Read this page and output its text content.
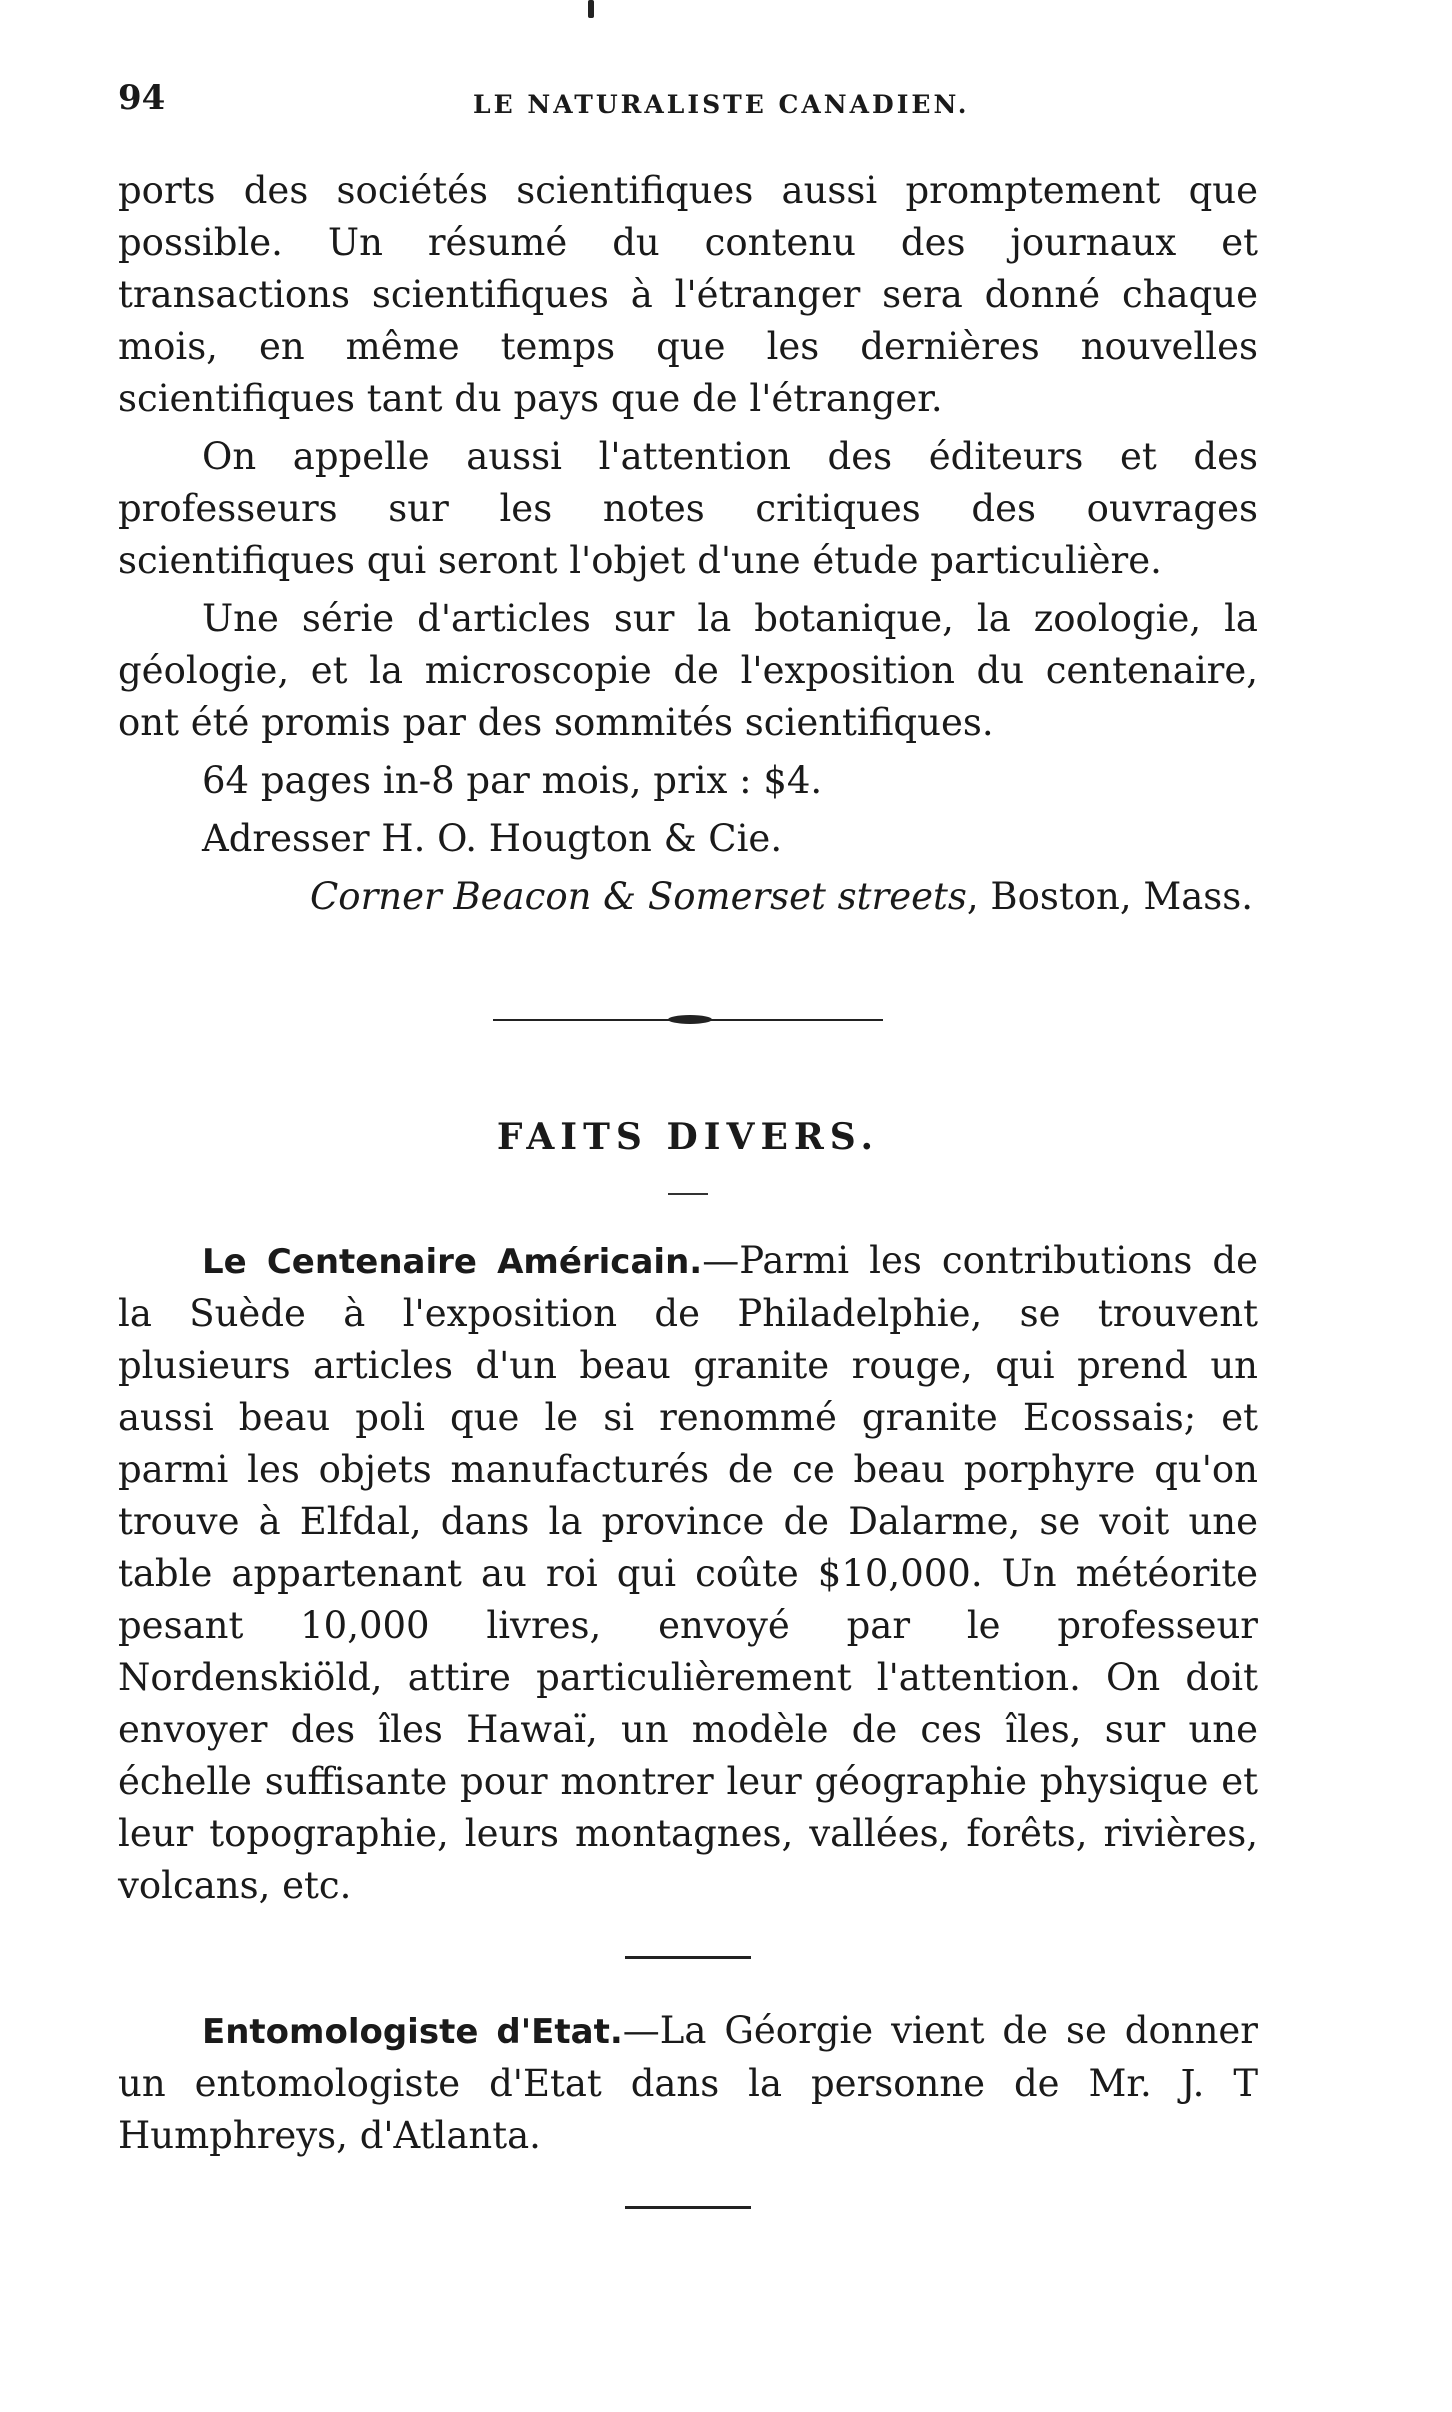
94	LE NATURALISTE CANADIEN.

ports des sociétés scientifiques aussi promptement que possible. Un résumé du contenu des journaux et transactions scientifiques à l'étranger sera donné chaque mois, en même temps que les dernières nouvelles scientifiques tant du pays que de l'étranger.

On appelle aussi l'attention des éditeurs et des professeurs sur les notes critiques des ouvrages scientifiques qui seront l'objet d'une étude particulière.

Une série d'articles sur la botanique, la zoologie, la géologie, et la microscopie de l'exposition du centenaire, ont été promis par des sommités scientifiques.

64 pages in-8 par mois, prix : $4.
Adresser H. O. Hougton & Cie.
Corner Beacon & Somerset streets, Boston, Mass.
FAITS DIVERS.

Le Centenaire Américain.—Parmi les contributions de la Suède à l'exposition de Philadelphie, se trouvent plusieurs articles d'un beau granite rouge, qui prend un aussi beau poli que le si renommé granite Ecossais; et parmi les objets manufacturés de ce beau porphyre qu'on trouve à Elfdal, dans la province de Dalarme, se voit une table appartenant au roi qui coûte $10,000. Un météorite pesant 10,000 livres, envoyé par le professeur Nordenskiöld, attire particulièrement l'attention. On doit envoyer des îles Hawaï, un modèle de ces îles, sur une échelle suffisante pour montrer leur géographie physique et leur topographie, leurs montagnes, vallées, forêts, rivières, volcans, etc.

Entomologiste d'Etat.—La Géorgie vient de se donner un entomologiste d'Etat dans la personne de Mr. J. T Humphreys, d'Atlanta.
